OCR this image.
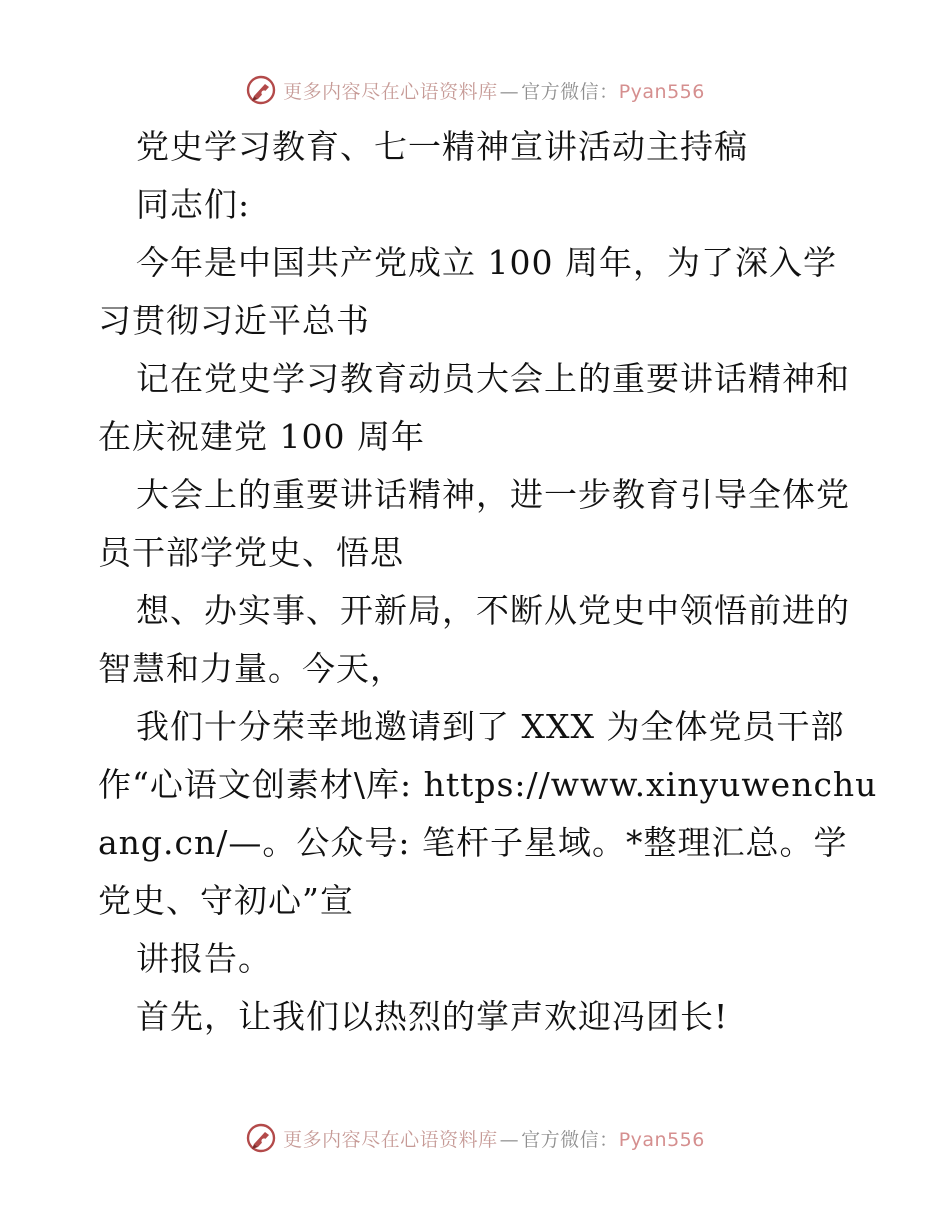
更多内容尽在心语资料库 — 官方微信：Pyan556
党史学习教育、七一精神宣讲活动主持稿
同志们:
今年是中国共产党成立 100 周年，为了深入学
习贯彻习近平总书
记在党史学习教育动员大会上的重要讲话精神和
在庆祝建党 100 周年
大会上的重要讲话精神，进一步教育引导全体党
员干部学党史、悟思
想、办实事、开新局，不断从党史中领悟前进的
智慧和力量。今天，
我们十分荣幸地邀请到了 XXX 为全体党员干部
作“心语文创素材\库: https://www.xinyuwenchu
ang.cn/—。公众号: 笔杆子星域。*整理汇总。学
党史、守初心”宣
讲报告。
首先，让我们以热烈的掌声欢迎冯团长!
更多内容尽在心语资料库 — 官方微信：Pyan556
